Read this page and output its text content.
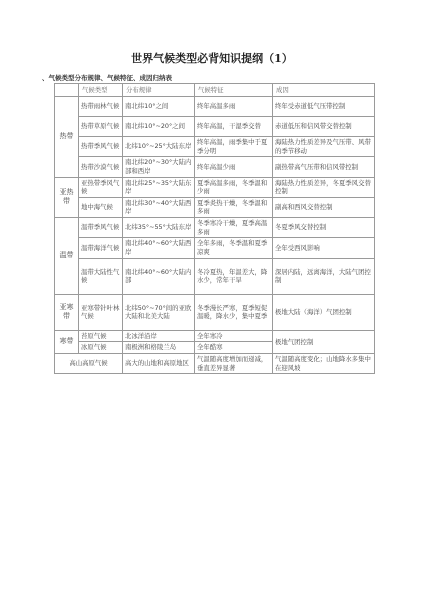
世界气候类型必背知识提纲（1）
、气候类型分布规律、气候特征、成因归纳表
	气候类型	分布规律	气候特征	成因
热带	热带雨林气候	南北纬10°之间	终年高温多雨	终年受赤道低气压带控制
	热带草原气候	南北纬10°~20°之间	终年高温，干湿季交替	赤道低压和信风带交替控制
	热带季风气候	北纬10°~25°大陆东岸	终年高温，雨季集中于夏季分明	海陆热力性质差异及气压带、风带的季节移动
	热带沙漠气候	南北纬20°~30°大陆内部和西岸	终年高温少雨	副热带高气压带和信风带控制
亚热带	亚热带季风气候	南北纬25°~35°大陆东岸	夏季高温多雨，冬季温和少雨	海陆热力性质差异，冬夏季风交替控制
	地中海气候	南北纬30°~40°大陆西岸	夏季炎热干燥，冬季温和多雨	副高和西风交替控制
温带	温带季风气候	北纬35°~55°大陆东岸	冬季寒冷干燥，夏季高温多雨	冬夏季风交替控制
	温带海洋气候	南北纬40°~60°大陆西岸	全年多雨，冬季温和夏季凉爽	全年受西风影响
	温带大陆性气候	南北纬40°~60°大陆内部	冬冷夏热，年温差大，降水少，常年干旱	深居内陆，远离海洋，大陆气团控制
亚寒带	亚寒带针叶林气候	北纬50°~70°间的亚欧大陆和北美大陆	冬季漫长严寒，夏季短促温暖，降水少，集中夏季	极地大陆（海洋）气团控制
寒带	苔原气候	北冰洋沿岸	全年寒冷	极地气团控制
	冰原气候	南极洲和格陵兰岛	全年酷寒	
高山高原气候		高大的山地和高原地区	气温随高度增加而递减，垂直差异显著	气温随高度变化；山地降水多集中在迎风坡
